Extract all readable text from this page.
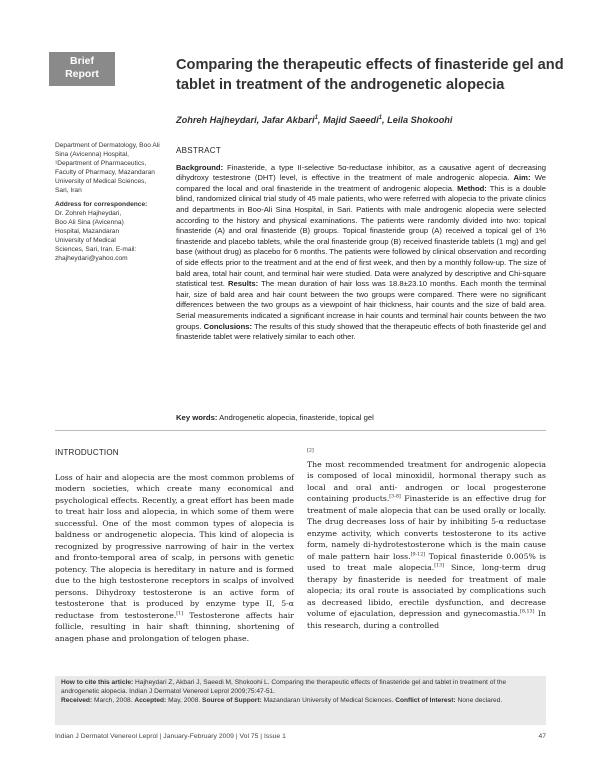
Brief
Report
Comparing the therapeutic effects of finasteride gel and tablet in treatment of the androgenetic alopecia
Zohreh Hajheydari, Jafar Akbari$^1$, Majid Saeedi$^1$, Leila Shokoohi

Department of Dermatology, Boo Ali Sina (Avicenna) Hospital, ¹Department of Pharmaceutics, Faculty of Pharmacy, Mazandaran University of Medical Sciences, Sari, Iran

Address for correspondence:

Dr. Zohreh Hajheydari,

Boo Ali Sina (Avicenna)

Hospital, Mazandaran

University of Medical

Sciences, Sari, Iran. E-mail:

zhajheydari@yahoo.com

ABSTRACT

Background: Finasteride, a type II-selective 5α-reductase inhibitor, as a causative agent of decreasing dihydroxy testestrone (DHT) level, is effective in the treatment of male androgenic alopecia. Aim: We compared the local and oral finasteride in the treatment of androgenic alopecia. Method: This is a double blind, randomized clinical trial study of 45 male patients, who were referred with alopecia to the private clinics and departments in Boo-Ali Sina Hospital, in Sari. Patients with male androgenic alopecia were selected according to the history and physical examinations. The patients were randomly divided into two: topical finasteride (A) and oral finasteride (B) groups. Topical finasteride group (A) received a topical gel of 1% finasteride and placebo tablets, while the oral finasteride group (B) received finasteride tablets (1 mg) and gel base (without drug) as placebo for 6 months. The patients were followed by clinical observation and recording of side effects prior to the treatment and at the end of first week, and then by a monthly follow-up. The size of bald area, total hair count, and terminal hair were studied. Data were analyzed by descriptive and Chi-square statistical test. Results: The mean duration of hair loss was 18.8±23.10 months. Each month the terminal hair, size of bald area and hair count between the two groups were compared. There were no significant differences between the two groups as a viewpoint of hair thickness, hair counts and the size of bald area. Serial measurements indicated a significant increase in hair counts and terminal hair counts between the two groups. Conclusions: The results of this study showed that the therapeutic effects of both finasteride gel and finasteride tablet were relatively similar to each other.

Key words: Androgenetic alopecia, finasteride, topical gel

INTRODUCTION

Loss of hair and alopecia are the most common problems of modern societies, which create many economical and psychological effects. Recently, a great effort has been made to treat hair loss and alopecia, in which some of them were successful. One of the most common types of alopecia is baldness or androgenetic alopecia. This kind of alopecia is recognized by progressive narrowing of hair in the vertex and fronto-temporal area of scalp, in persons with genetic potency. The alopecia is hereditary in nature and is formed due to the high testosterone receptors in scalps of involved persons. Dihydroxy testosterone is an active form of testosterone that is produced by enzyme type II, 5-α reductase from testosterone.[1] Testosterone affects hair follicle, resulting in hair shaft thinning, shortening of anagen phase and prolongation of telogen phase.

[2]

The most recommended treatment for androgenic alopecia is composed of local minoxidil, hormonal therapy such as local and oral anti- androgen or local progesterone containing products.[3-8] Finasteride is an effective drug for treatment of male alopecia that can be used orally or locally. The drug decreases loss of hair by inhibiting 5-α reductase enzyme activity, which converts testosterone to its active form, namely di-hydrotestosterone which is the main cause of male pattern hair loss.[9-12] Topical finasteride 0.005% is used to treat male alopecia.[13] Since, long-term drug therapy by finasteride is needed for treatment of male alopecia; its oral route is associated by complications such as decreased libido, erectile dysfunction, and decrease volume of ejaculation, depression and gynecomastia.[8,13] In this research, during a controlled

How to cite this article: Hajheydari Z, Akbari J, Saeedi M, Shokoohi L. Comparing the therapeutic effects of finasteride gel and tablet in treatment of the androgenetic alopecia. Indian J Dermatol Venereol Leprol 2009;75:47-51.

Received: March, 2008. Accepted: May, 2008. Source of Support: Mazandaran University of Medical Sciences. Conflict of Interest: None declared.

Indian J Dermatol Venereol Leprol | January-February 2009 | Vol 75 | Issue 1	47
